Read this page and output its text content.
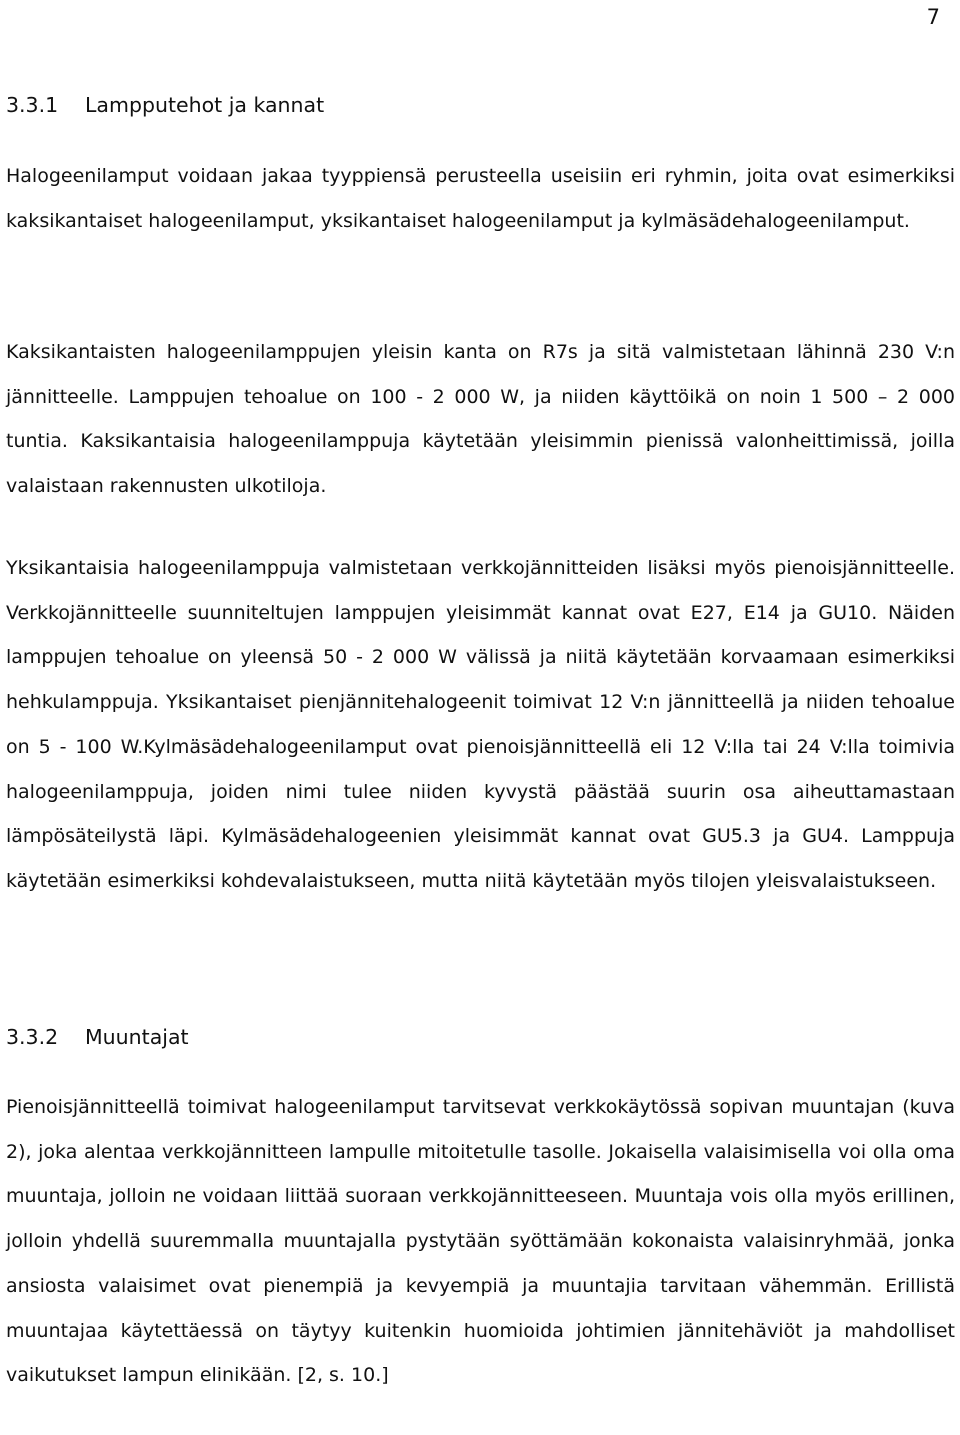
7
3.3.1 Lampputehot ja kannat

Halogeenilamput voidaan jakaa tyyppiensä perusteella useisiin eri ryhmin, joita ovat esimerkiksi kaksikantaiset halogeenilamput, yksikantaiset halogeenilamput ja kylmäsädehalogeenilamput.

Kaksikantaisten halogeenilamppujen yleisin kanta on R7s ja sitä valmistetaan lähinnä 230 V:n jännitteelle. Lamppujen tehoalue on 100 - 2 000 W, ja niiden käyttöikä on noin 1 500 – 2 000 tuntia. Kaksikantaisia halogeenilamppuja käytetään yleisimmin pienissä valonheittimissä, joilla valaistaan rakennusten ulkotiloja.

Yksikantaisia halogeenilamppuja valmistetaan verkkojännitteiden lisäksi myös pienoisjännitteelle. Verkkojännitteelle suunniteltujen lamppujen yleisimmät kannat ovat E27, E14 ja GU10. Näiden lamppujen tehoalue on yleensä 50 - 2 000 W välissä ja niitä käytetään korvaamaan esimerkiksi hehkulamppuja. Yksikantaiset pienjännitehalogeenit toimivat 12 V:n jännitteellä ja niiden tehoalue on 5 - 100 W.Kylmäsädehalogeenilamput ovat pienoisjännitteellä eli 12 V:lla tai 24 V:lla toimivia halogeenilamppuja, joiden nimi tulee niiden kyvystä päästää suurin osa aiheuttamastaan lämpösäteilystä läpi. Kylmäsädehalogeenien yleisimmät kannat ovat GU5.3 ja GU4. Lamppuja käytetään esimerkiksi kohdevalaistukseen, mutta niitä käytetään myös tilojen yleisvalaistukseen.

3.3.2 Muuntajat

Pienoisjännitteellä toimivat halogeenilamput tarvitsevat verkkokäytössä sopivan muuntajan (kuva 2), joka alentaa verkkojännitteen lampulle mitoitetulle tasolle. Jokaisella valaisimisella voi olla oma muuntaja, jolloin ne voidaan liittää suoraan verkkojännitteeseen. Muuntaja vois olla myös erillinen, jolloin yhdellä suuremmalla muuntajalla pystytään syöttämään kokonaista valaisinryhmää, jonka ansiosta valaisimet ovat pienempiä ja kevyempiä ja muuntajia tarvitaan vähemmän. Erillistä muuntajaa käytettäessä on täytyy kuitenkin huomioida johtimien jännitehäviöt ja mahdolliset vaikutukset lampun elinikään. [2, s. 10.]
